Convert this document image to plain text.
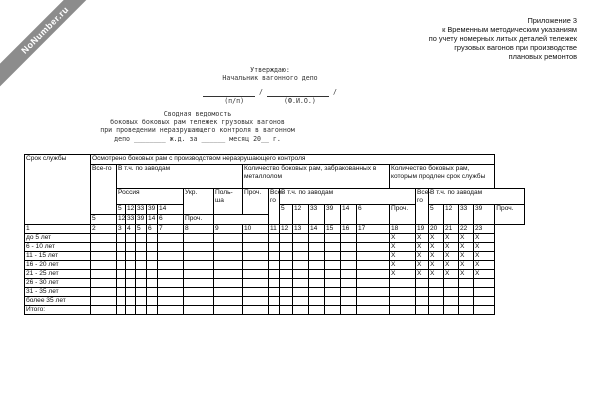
NoNumber.ru	Приложение 3
к Временным методическим указаниям
по учету номерных литых деталей тележек
грузовых вагонов при производстве
плановых ремонтов
Утверждаю:
Начальник вагонного депо
/	/
(п/п)	(Ф.И.О.)
Сводная ведомость
боковых боковых рам тележек грузовых вагонов
при проведении неразрушающего контроля в вагонном
депо ________ ж.д. за ______ месяц 20__ г.
Срок службы	Осмотрено боковых рам с производством неразрушающего контроля																						
	Все-го	В т.ч. по заводам							Количество боковых рам, забракованных в металлолом								Количество боковых рам, которым продлен срок службы						
		Россия					Укр.	Поль-ша	Проч.	Все-го	В т.ч. по заводам							Все-го	В т.ч. по заводам				
		5	12	33	39	14					5	12	33	39	14	6	Проч.		5	12	33	39	Проч.
	5	12	33	39	14	6	Проч.																
1	2	3	4	5	6	7	8	9	10	11	12	13	14	15	16	17	18	19	20	21	22	23	
до 5 лет																	X	X	X	X	X	X	
6 - 10 лет																	X	X	X	X	X	X	
11 - 15 лет																	X	X	X	X	X	X	
16 - 20 лет																	X	X	X	X	X	X	
21 - 25 лет																	X	X	X	X	X	X	
26 - 30 лет																							
31 - 35 лет																							
более 35 лет																							
Итого:																							
